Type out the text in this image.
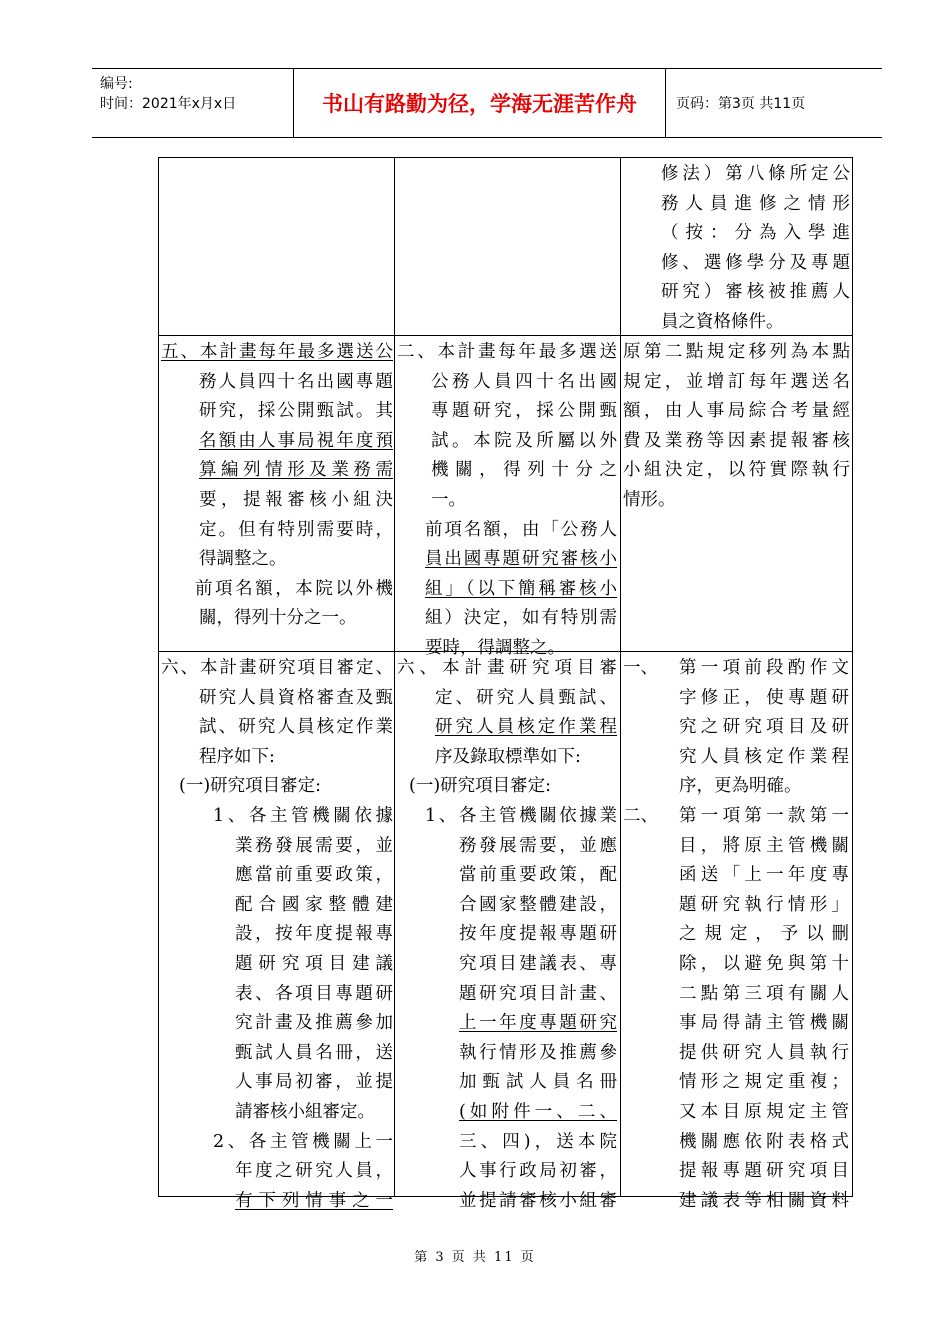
编号:
时间：2021年x月x日	书山有路勤为径，学海无涯苦作舟	页码：第3页 共11页
修法）第八條所定公
務人員進修之情形
（按：分為入學進
修、選修學分及專題
研究）審核被推薦人
員之資格條件。
五、本計畫每年最多選送公
務人員四十名出國專題
研究，採公開甄試。其
名額由人事局視年度預
算編列情形及業務需
要，提報審核小組決
定。但有特別需要時，
得調整之。
前項名額，本院以外機
關，得列十分之一。
二、本計畫每年最多選送
公務人員四十名出國
專題研究，採公開甄
試。本院及所屬以外
機關，得列十分之
一。
前項名額，由「公務人
員出國專題研究審核小
組」（以下簡稱審核小
組）決定，如有特別需
要時，得調整之。
原第二點規定移列為本點
規定，並增訂每年選送名
額，由人事局綜合考量經
費及業務等因素提報審核
小組決定，以符實際執行
情形。
六、本計畫研究項目審定、
研究人員資格審查及甄
試、研究人員核定作業
程序如下:
(一)研究項目審定:
1、各主管機關依據
業務發展需要，並
應當前重要政策，
配合國家整體建
設，按年度提報專
題研究項目建議
表、各項目專題研
究計畫及推薦參加
甄試人員名冊，送
人事局初審，並提
請審核小組審定。
2、各主管機關上一
年度之研究人員，
有下列情事之一
六、本計畫研究項目審
定、研究人員甄試、
研究人員核定作業程
序及錄取標準如下:
(一)研究項目審定:
1、各主管機關依據業
務發展需要，並應
當前重要政策，配
合國家整體建設，
按年度提報專題研
究項目建議表、專
題研究項目計畫、
上一年度專題研究
執行情形及推薦參
加甄試人員名冊
(如附件一、二、
三、四)，送本院
人事行政局初審，
並提請審核小組審
一、 第一項前段酌作文
字修正，使專題研
究之研究項目及研
究人員核定作業程
序，更為明確。
二、 第一項第一款第一
目，將原主管機關
函送「上一年度專
題研究執行情形」
之規定，予以刪
除，以避免與第十
二點第三項有關人
事局得請主管機關
提供研究人員執行
情形之規定重複；
又本目原規定主管
機關應依附表格式
提報專題研究項目
建議表等相關資料
第 3 页 共 11 页
